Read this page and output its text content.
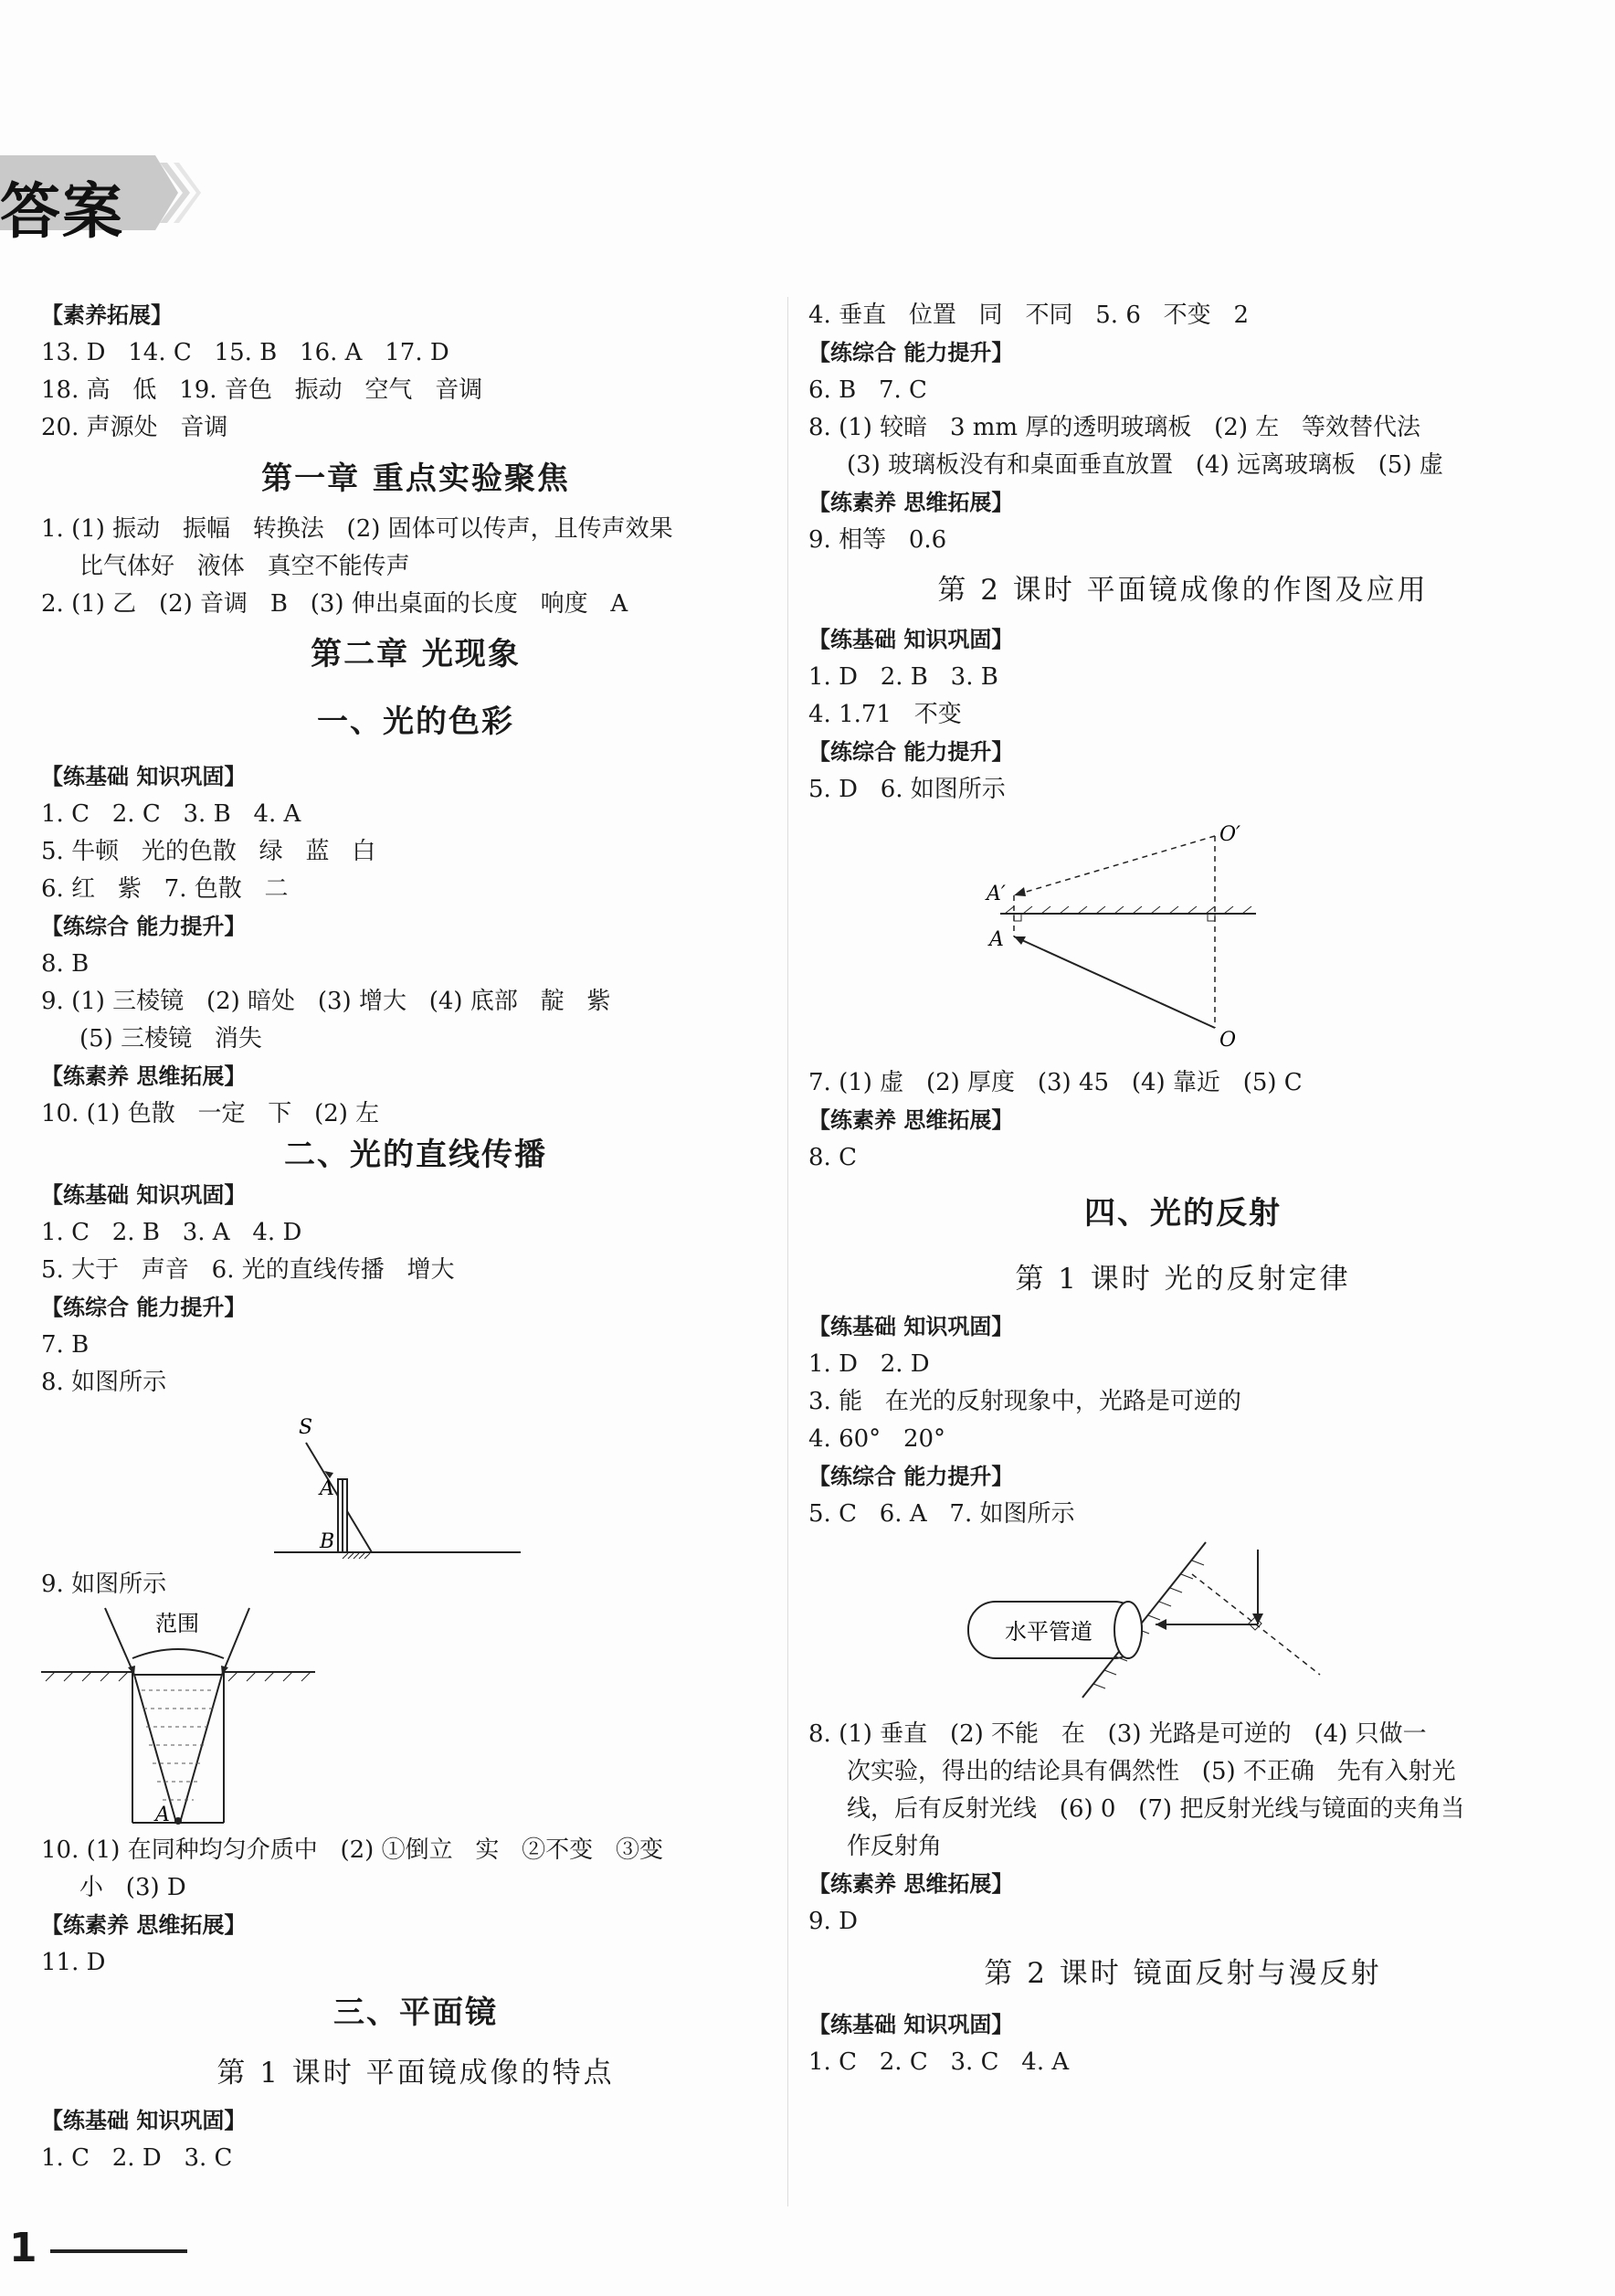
答案
【素养拓展】
13. D   14. C   15. B   16. A   17. D
18. 高   低   19. 音色   振动   空气   音调
20. 声源处   音调
第一章 重点实验聚焦
1. (1) 振动   振幅   转换法   (2) 固体可以传声，且传声效果
比气体好   液体   真空不能传声
2. (1) 乙   (2) 音调   B   (3) 伸出桌面的长度   响度   A
第二章 光现象
一、光的色彩
【练基础 知识巩固】
1. C   2. C   3. B   4. A
5. 牛顿   光的色散   绿   蓝   白
6. 红   紫   7. 色散   二
【练综合 能力提升】
8. B
9. (1) 三棱镜   (2) 暗处   (3) 增大   (4) 底部   靛   紫
(5) 三棱镜   消失
【练素养 思维拓展】
10. (1) 色散   一定   下   (2) 左
二、光的直线传播
【练基础 知识巩固】
1. C   2. B   3. A   4. D
5. 大于   声音   6. 光的直线传播   增大
【练综合 能力提升】
7. B
8. 如图所示
S
A
B
9. 如图所示
范围
A
10. (1) 在同种均匀介质中   (2) ①倒立   实   ②不变   ③变
小   (3) D
【练素养 思维拓展】
11. D
三、平面镜
第 1 课时 平面镜成像的特点
【练基础 知识巩固】
1. C   2. D   3. C
4. 垂直   位置   同   不同   5. 6   不变   2
【练综合 能力提升】
6. B   7. C
8. (1) 较暗   3 mm 厚的透明玻璃板   (2) 左   等效替代法
(3) 玻璃板没有和桌面垂直放置   (4) 远离玻璃板   (5) 虚
【练素养 思维拓展】
9. 相等   0.6
第 2 课时 平面镜成像的作图及应用
【练基础 知识巩固】
1. D   2. B   3. B
4. 1.71   不变
【练综合 能力提升】
5. D   6. 如图所示
O′
A′
A
O
7. (1) 虚   (2) 厚度   (3) 45   (4) 靠近   (5) C
【练素养 思维拓展】
8. C
四、光的反射
第 1 课时 光的反射定律
【练基础 知识巩固】
1. D   2. D
3. 能   在光的反射现象中，光路是可逆的
4. 60°   20°
【练综合 能力提升】
5. C   6. A   7. 如图所示
水平管道
8. (1) 垂直   (2) 不能   在   (3) 光路是可逆的   (4) 只做一
次实验，得出的结论具有偶然性   (5) 不正确   先有入射光
线，后有反射光线   (6) 0   (7) 把反射光线与镜面的夹角当
作反射角
【练素养 思维拓展】
9. D
第 2 课时 镜面反射与漫反射
【练基础 知识巩固】
1. C   2. C   3. C   4. A
1
